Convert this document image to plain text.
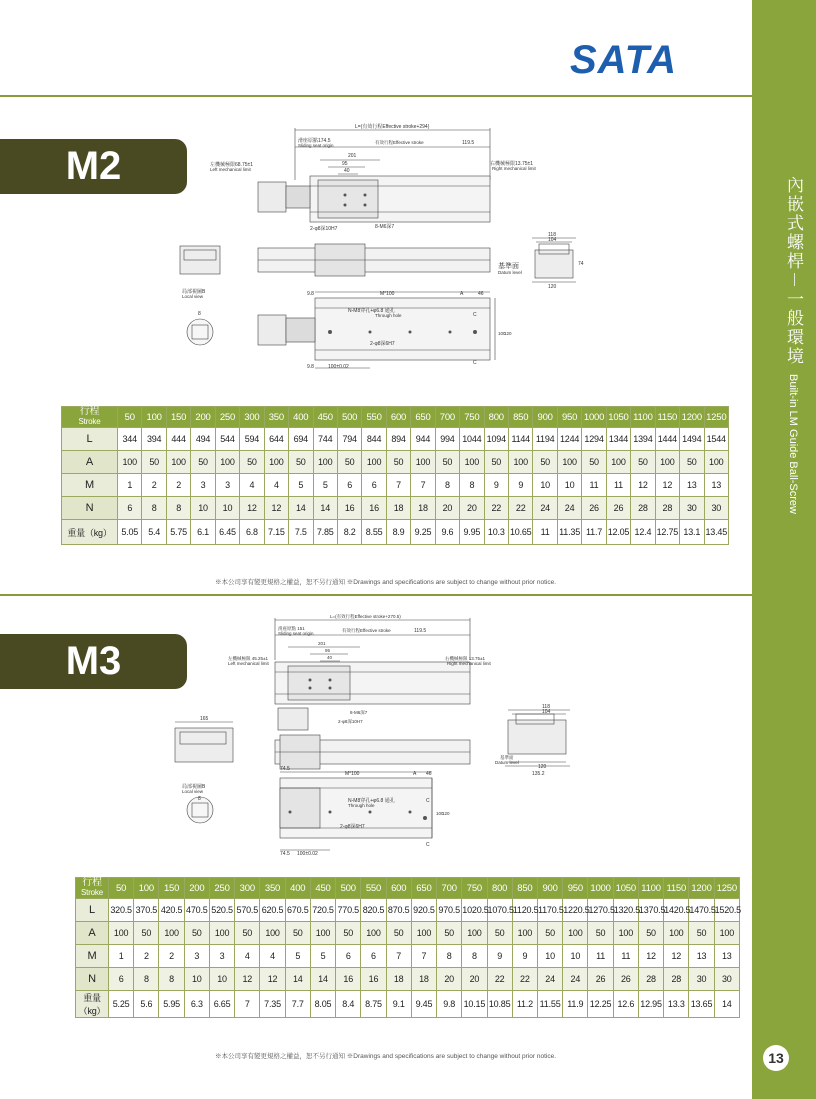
SATA
內嵌式螺桿－一般環境 Built-in LM Guide Ball-Screw
13
M2
L=(有效行程Effective stroke+294)
滑座原點174.5
Sliding seat origin
有效行程Effective stroke	119.5
201
95
40
左機械極限68.75±1
Left mechanical limit
右機械極限13.75±1
Right mechanical limit
2-φ8深10H7	8-M6深7
基準面
Datum level
118
104
120
74
局部視圖B
Local view
8
9.8	M*100	A	46
N-M8穿孔+φ6.8 通孔
Through hole
2-φ8深6H7
C
C
9.8	100±0.02
100
120
行程
Stroke	50	100	150	200	250	300	350	400	450	500	550	600	650	700	750	800	850	900	950	1000	1050	1100	1150	1200	1250
L	344	394	444	494	544	594	644	694	744	794	844	894	944	994	1044	1094	1144	1194	1244	1294	1344	1394	1444	1494	1544
A	100	50	100	50	100	50	100	50	100	50	100	50	100	50	100	50	100	50	100	50	100	50	100	50	100
M	1	2	2	3	3	4	4	5	5	6	6	7	7	8	8	9	9	10	10	11	11	12	12	13	13
N	6	8	8	10	10	12	12	14	14	16	16	18	18	20	20	22	22	24	24	26	26	28	28	30	30
重量（kg）	5.05	5.4	5.75	6.1	6.45	6.8	7.15	7.5	7.85	8.2	8.55	8.9	9.25	9.6	9.95	10.3	10.65	11	11.35	11.7	12.05	12.4	12.75	13.1	13.45
※本公司享有變更規格之權益，恕不另行通知 ※Drawings and specifications are subject to change without prior notice.
M3
L=(有效行程Effective stroke+270.5)
滑座原點 151
Sliding seat origin
有效行程Effective stroke	119.5
201
95
40
左機械極限 45.25±1
Left mechanical limit
右機械極限 13.75±1
Right mechanical limit
8-M6深7
2-φ8深10H7
165
118
104
120
135.2
基準面
Datum level
局部視圖B
Local view
8
74.5
M*100	A 46
N-M8穿孔+φ6.8 通孔
Through hole
2-φ8深6H7
C
C
74.5 100±0.02
100
120
行程
Stroke	50	100	150	200	250	300	350	400	450	500	550	600	650	700	750	800	850	900	950	1000	1050	1100	1150	1200	1250
L	320.5	370.5	420.5	470.5	520.5	570.5	620.5	670.5	720.5	770.5	820.5	870.5	920.5	970.5	1020.5	1070.5	1120.5	1170.5	1220.5	1270.5	1320.5	1370.5	1420.5	1470.5	1520.5
A	100	50	100	50	100	50	100	50	100	50	100	50	100	50	100	50	100	50	100	50	100	50	100	50	100
M	1	2	2	3	3	4	4	5	5	6	6	7	7	8	8	9	9	10	10	11	11	12	12	13	13
N	6	8	8	10	10	12	12	14	14	16	16	18	18	20	20	22	22	24	24	26	26	28	28	30	30
重量（kg）	5.25	5.6	5.95	6.3	6.65	7	7.35	7.7	8.05	8.4	8.75	9.1	9.45	9.8	10.15	10.85	11.2	11.55	11.9	12.25	12.6	12.95	13.3	13.65	14
※本公司享有變更規格之權益，恕不另行通知 ※Drawings and specifications are subject to change without prior notice.
